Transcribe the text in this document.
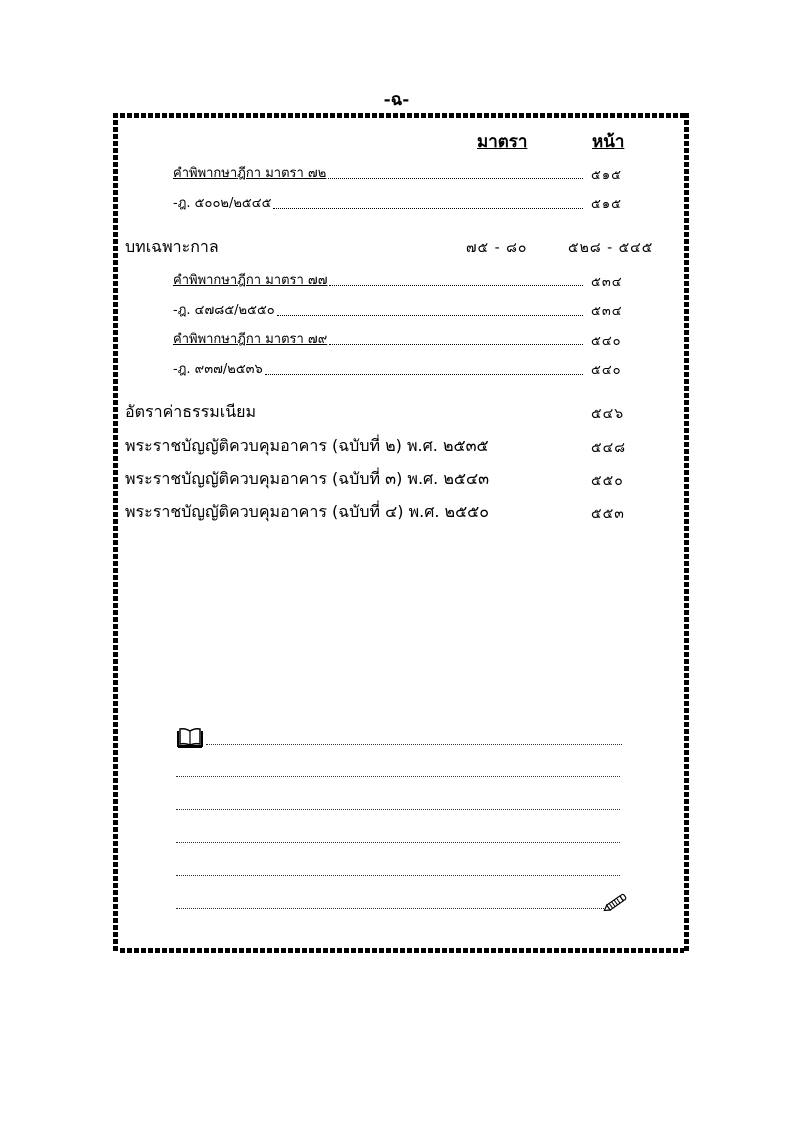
-ฉ-
มาตรา	หน้า
คำพิพากษาฎีกา มาตรา ๗๒	๕๑๕
-ฎ. ๕๐๐๒/๒๕๔๕	๕๑๕
บทเฉพาะกาล	๗๕ - ๘๐	๕๒๘ - ๕๔๕
คำพิพากษาฎีกา มาตรา ๗๗	๕๓๔
-ฎ. ๔๗๘๕/๒๕๕๐	๕๓๔
คำพิพากษาฎีกา มาตรา ๗๙	๕๔๐
-ฎ. ๙๓๗/๒๕๓๖	๕๔๐
อัตราค่าธรรมเนียม	๕๔๖
พระราชบัญญัติควบคุมอาคาร (ฉบับที่ ๒) พ.ศ. ๒๕๓๕	๕๔๘
พระราชบัญญัติควบคุมอาคาร (ฉบับที่ ๓) พ.ศ. ๒๕๔๓	๕๕๐
พระราชบัญญัติควบคุมอาคาร (ฉบับที่ ๔) พ.ศ. ๒๕๕๐	๕๕๓
